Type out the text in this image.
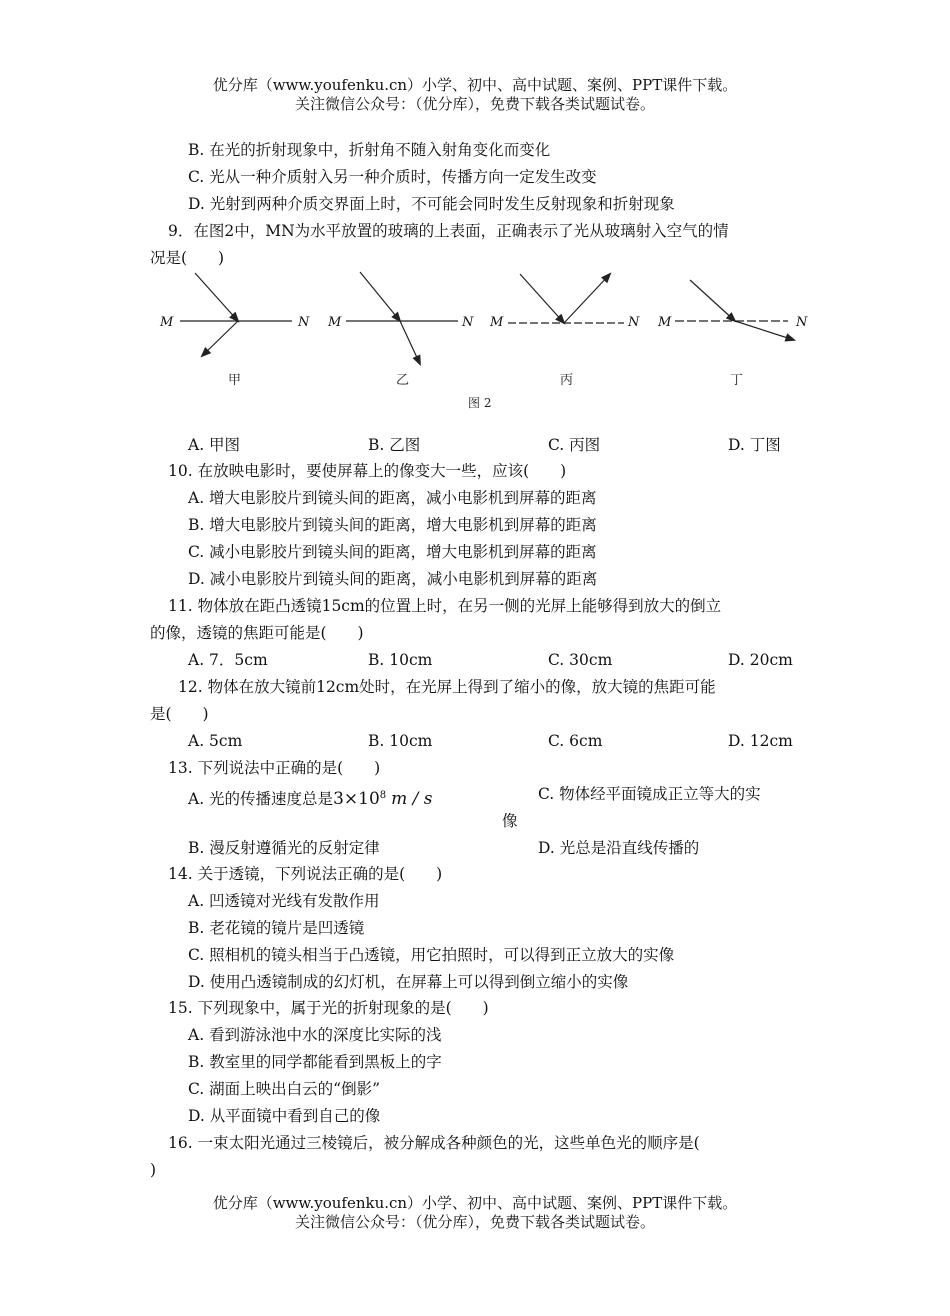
优分库（www.youfenku.cn）小学、初中、高中试题、案例、PPT课件下载。
关注微信公众号：（优分库），免费下载各类试题试卷。
B. 在光的折射现象中，折射角不随入射角变化而变化
C. 光从一种介质射入另一种介质时，传播方向一定发生改变
D. 光射到两种介质交界面上时，不可能会同时发生反射现象和折射现象
9．在图2中，MN为水平放置的玻璃的上表面，正确表示了光从玻璃射入空气的情
况是(　　)
M	N M	N M	N M	N
甲	乙	丙	丁
图 2
A. 甲图	B. 乙图	C. 丙图	D. 丁图
10. 在放映电影时，要使屏幕上的像变大一些，应该(　　)
A. 增大电影胶片到镜头间的距离，减小电影机到屏幕的距离
B. 增大电影胶片到镜头间的距离，增大电影机到屏幕的距离
C. 减小电影胶片到镜头间的距离，增大电影机到屏幕的距离
D. 减小电影胶片到镜头间的距离，减小电影机到屏幕的距离
11. 物体放在距凸透镜15cm的位置上时，在另一侧的光屏上能够得到放大的倒立
的像，透镜的焦距可能是(　　)
A. 7．5cm	B. 10cm	C. 30cm	D. 20cm
12. 物体在放大镜前12cm处时，在光屏上得到了缩小的像，放大镜的焦距可能
是(　　)
A. 5cm	B. 10cm	C. 6cm	D. 12cm
13. 下列说法中正确的是(　　)
A. 光的传播速度总是$3\times 10^8$ m / s	C. 物体经平面镜成正立等大的实
像
B. 漫反射遵循光的反射定律	D. 光总是沿直线传播的
14. 关于透镜，下列说法正确的是(　　)
A. 凹透镜对光线有发散作用
B. 老花镜的镜片是凹透镜
C. 照相机的镜头相当于凸透镜，用它拍照时，可以得到正立放大的实像
D. 使用凸透镜制成的幻灯机，在屏幕上可以得到倒立缩小的实像
15. 下列现象中，属于光的折射现象的是(　　)
A. 看到游泳池中水的深度比实际的浅
B. 教室里的同学都能看到黑板上的字
C. 湖面上映出白云的“倒影”
D. 从平面镜中看到自己的像
16. 一束太阳光通过三棱镜后，被分解成各种颜色的光，这些单色光的顺序是(
)
优分库（www.youfenku.cn）小学、初中、高中试题、案例、PPT课件下载。
关注微信公众号：（优分库），免费下载各类试题试卷。
